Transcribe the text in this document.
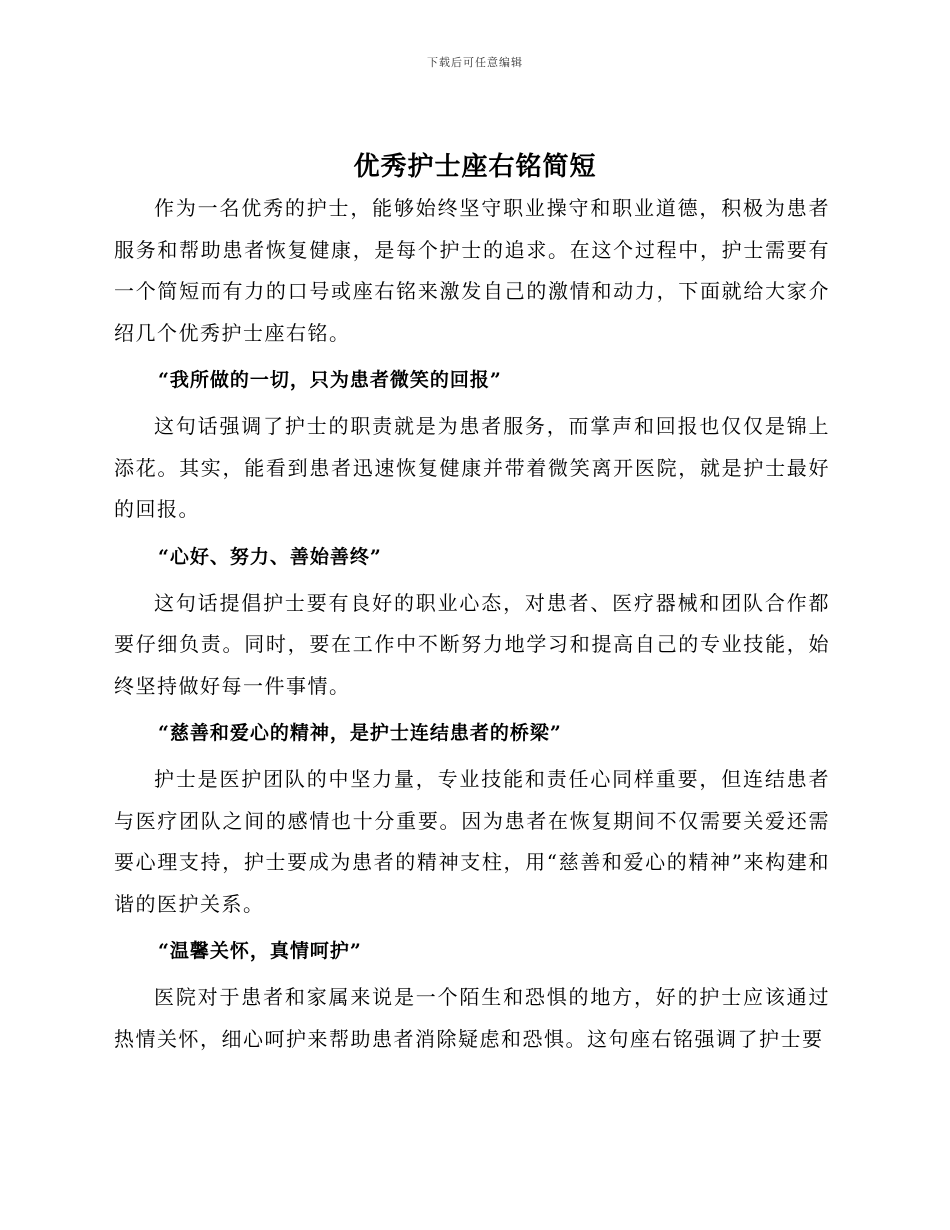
下载后可任意编辑
优秀护士座右铭简短

作为一名优秀的护士，能够始终坚守职业操守和职业道德，积极为患者服务和帮助患者恢复健康，是每个护士的追求。在这个过程中，护士需要有一个简短而有力的口号或座右铭来激发自己的激情和动力，下面就给大家介绍几个优秀护士座右铭。

“我所做的一切，只为患者微笑的回报”

这句话强调了护士的职责就是为患者服务，而掌声和回报也仅仅是锦上添花。其实，能看到患者迅速恢复健康并带着微笑离开医院，就是护士最好的回报。

“心好、努力、善始善终”

这句话提倡护士要有良好的职业心态，对患者、医疗器械和团队合作都要仔细负责。同时，要在工作中不断努力地学习和提高自己的专业技能，始终坚持做好每一件事情。

“慈善和爱心的精神，是护士连结患者的桥梁”

护士是医护团队的中坚力量，专业技能和责任心同样重要，但连结患者与医疗团队之间的感情也十分重要。因为患者在恢复期间不仅需要关爱还需要心理支持，护士要成为患者的精神支柱，用“慈善和爱心的精神”来构建和谐的医护关系。

“温馨关怀，真情呵护”

医院对于患者和家属来说是一个陌生和恐惧的地方，好的护士应该通过热情关怀，细心呵护来帮助患者消除疑虑和恐惧。这句座右铭强调了护士要
